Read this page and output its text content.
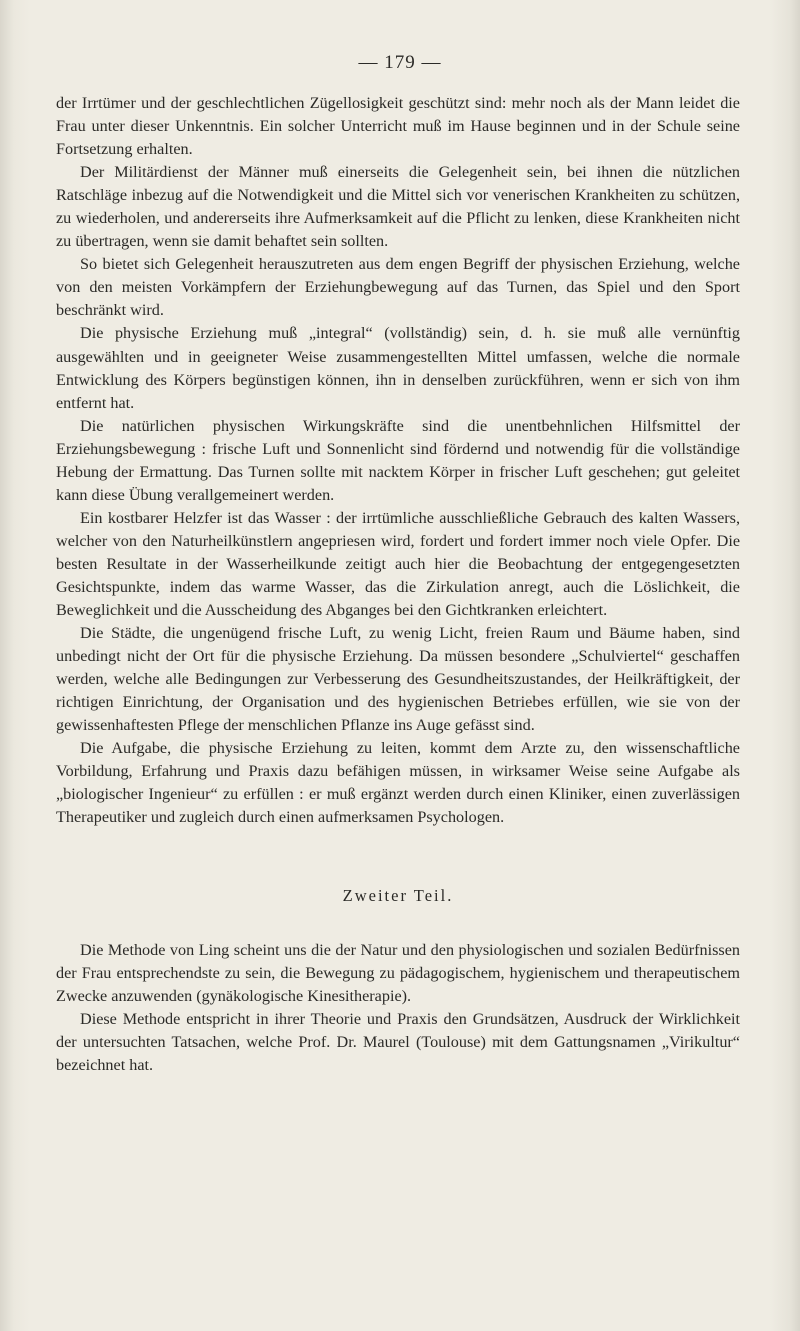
— 179 —

der Irrtümer und der geschlechtlichen Zügellosigkeit geschützt sind: mehr noch als der Mann leidet die Frau unter dieser Unkenntnis. Ein solcher Unterricht muß im Hause beginnen und in der Schule seine Fortsetzung erhalten.

Der Militärdienst der Männer muß einerseits die Gelegenheit sein, bei ihnen die nützlichen Ratschläge inbezug auf die Notwendigkeit und die Mittel sich vor venerischen Krankheiten zu schützen, zu wiederholen, und andererseits ihre Aufmerksamkeit auf die Pflicht zu lenken, diese Krankheiten nicht zu übertragen, wenn sie damit behaftet sein sollten.

So bietet sich Gelegenheit herauszutreten aus dem engen Begriff der physischen Erziehung, welche von den meisten Vorkämpfern der Erziehungbewegung auf das Turnen, das Spiel und den Sport beschränkt wird.

Die physische Erziehung muß „integral“ (vollständig) sein, d. h. sie muß alle vernünftig ausgewählten und in geeigneter Weise zusammengestellten Mittel umfassen, welche die normale Entwicklung des Körpers begünstigen können, ihn in denselben zurückführen, wenn er sich von ihm entfernt hat.

Die natürlichen physischen Wirkungskräfte sind die unentbehnlichen Hilfsmittel der Erziehungsbewegung : frische Luft und Sonnenlicht sind fördernd und notwendig für die vollständige Hebung der Ermattung. Das Turnen sollte mit nacktem Körper in frischer Luft geschehen; gut geleitet kann diese Übung verallgemeinert werden.

Ein kostbarer Helzfer ist das Wasser : der irrtümliche ausschließliche Gebrauch des kalten Wassers, welcher von den Naturheilkünstlern angepriesen wird, fordert und fordert immer noch viele Opfer. Die besten Resultate in der Wasserheilkunde zeitigt auch hier die Beobachtung der entgegengesetzten Gesichtspunkte, indem das warme Wasser, das die Zirkulation anregt, auch die Löslichkeit, die Beweglichkeit und die Ausscheidung des Abganges bei den Gichtkranken erleichtert.

Die Städte, die ungenügend frische Luft, zu wenig Licht, freien Raum und Bäume haben, sind unbedingt nicht der Ort für die physische Erziehung. Da müssen besondere „Schulviertel“ geschaffen werden, welche alle Bedingungen zur Verbesserung des Gesundheitszustandes, der Heilkräftigkeit, der richtigen Einrichtung, der Organisation und des hygienischen Betriebes erfüllen, wie sie von der gewissenhaftesten Pflege der menschlichen Pflanze ins Auge gefässt sind.

Die Aufgabe, die physische Erziehung zu leiten, kommt dem Arzte zu, den wissenschaftliche Vorbildung, Erfahrung und Praxis dazu befähigen müssen, in wirksamer Weise seine Aufgabe als „biologischer Ingenieur“ zu erfüllen : er muß ergänzt werden durch einen Kliniker, einen zuverlässigen Therapeutiker und zugleich durch einen aufmerksamen Psychologen.

Zweiter Teil.

Die Methode von Ling scheint uns die der Natur und den physiologischen und sozialen Bedürfnissen der Frau entsprechendste zu sein, die Bewegung zu pädagogischem, hygienischem und therapeutischem Zwecke anzuwenden (gynäkologische Kinesitherapie).

Diese Methode entspricht in ihrer Theorie und Praxis den Grundsätzen, Ausdruck der Wirklichkeit der untersuchten Tatsachen, welche Prof. Dr. Maurel (Toulouse) mit dem Gattungsnamen „Virikultur“ bezeichnet hat.
